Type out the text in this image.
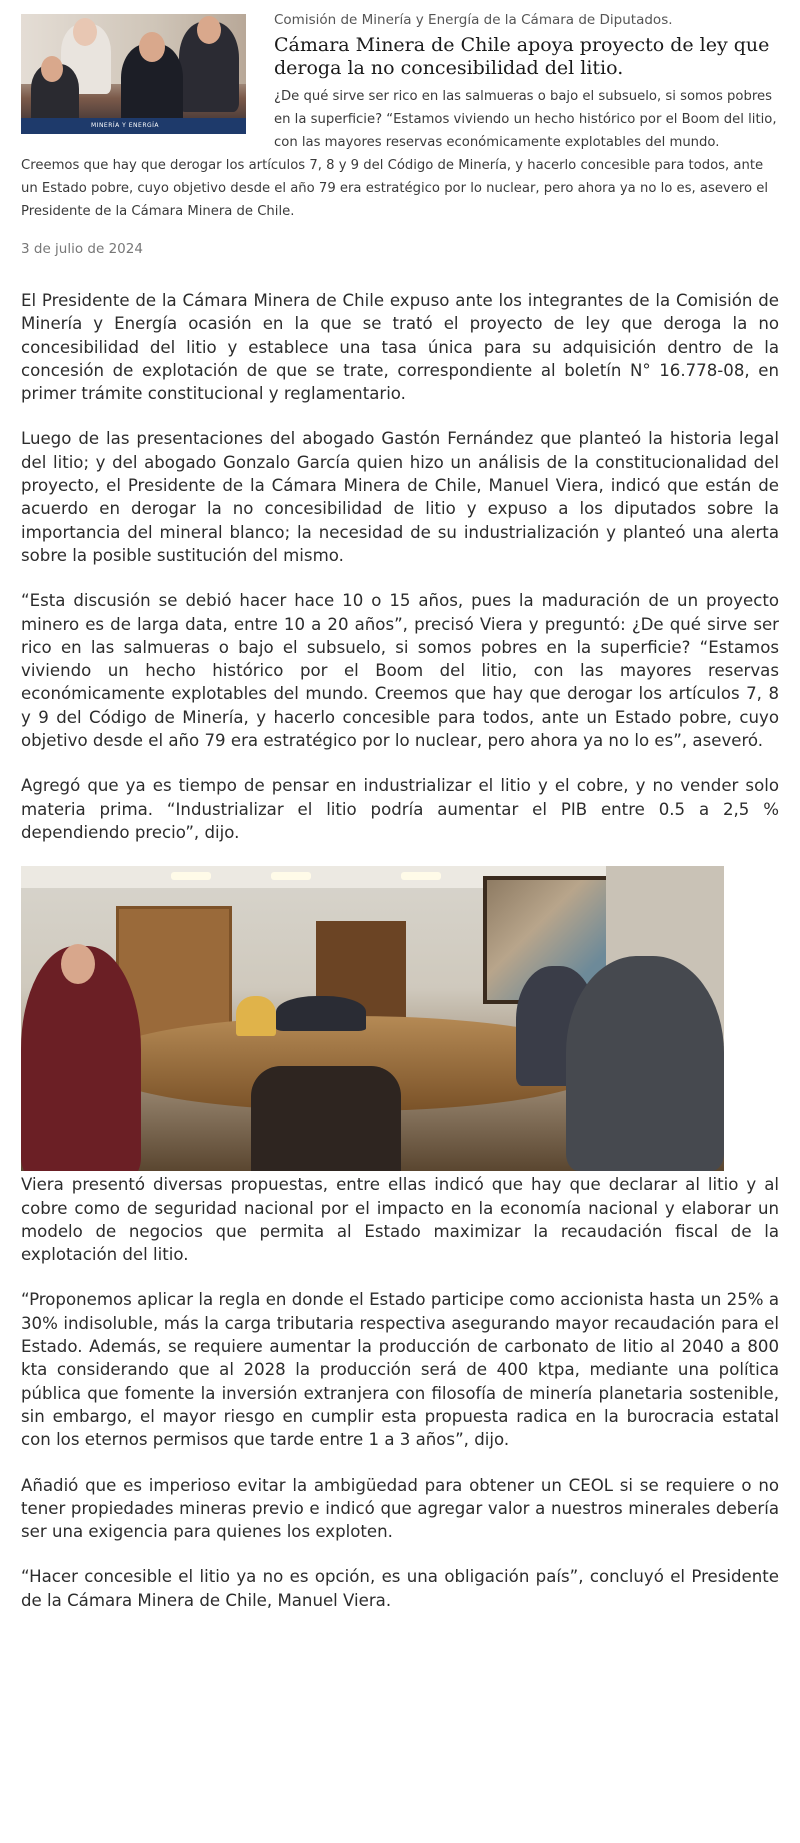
MINERÍA Y ENERGÍA

Comisión de Minería y Energía de la Cámara de Diputados.

Cámara Minera de Chile apoya proyecto de ley que deroga la no concesibilidad del litio.

¿De qué sirve ser rico en las salmueras o bajo el subsuelo, si somos pobres en la superficie? “Estamos viviendo un hecho histórico por el Boom del litio, con las mayores reservas económicamente explotables del mundo. Creemos que hay que derogar los artículos 7, 8 y 9 del Código de Minería, y hacerlo concesible para todos, ante un Estado pobre, cuyo objetivo desde el año 79 era estratégico por lo nuclear, pero ahora ya no lo es, asevero el Presidente de la Cámara Minera de Chile.

3 de julio de 2024

El Presidente de la Cámara Minera de Chile expuso ante los integrantes de la Comisión de Minería y Energía ocasión en la que se trató el proyecto de ley que deroga la no concesibilidad del litio y establece una tasa única para su adquisición dentro de la concesión de explotación de que se trate, correspondiente al boletín N° 16.778-08, en primer trámite constitucional y reglamentario.

Luego de las presentaciones del abogado Gastón Fernández que planteó la historia legal del litio; y del abogado Gonzalo García quien hizo un análisis de la constitucionalidad del proyecto, el Presidente de la Cámara Minera de Chile, Manuel Viera, indicó que están de acuerdo en derogar la no concesibilidad de litio y expuso a los diputados sobre la importancia del mineral blanco; la necesidad de su industrialización y planteó una alerta sobre la posible sustitución del mismo.

“Esta discusión se debió hacer hace 10 o 15 años, pues la maduración de un proyecto minero es de larga data, entre 10 a 20 años”, precisó Viera y preguntó: ¿De qué sirve ser rico en las salmueras o bajo el subsuelo, si somos pobres en la superficie? “Estamos viviendo un hecho histórico por el Boom del litio, con las mayores reservas económicamente explotables del mundo. Creemos que hay que derogar los artículos 7, 8 y 9 del Código de Minería, y hacerlo concesible para todos, ante un Estado pobre, cuyo objetivo desde el año 79 era estratégico por lo nuclear, pero ahora ya no lo es”, aseveró.

Agregó que ya es tiempo de pensar en industrializar el litio y el cobre, y no vender solo materia prima. “Industrializar el litio podría aumentar el PIB entre 0.5 a 2,5 % dependiendo precio”, dijo.

Viera presentó diversas propuestas, entre ellas indicó que hay que declarar al litio y al cobre como de seguridad nacional por el impacto en la economía nacional y elaborar un modelo de negocios que permita al Estado maximizar la recaudación fiscal de la explotación del litio.

“Proponemos aplicar la regla en donde el Estado participe como accionista hasta un 25% a 30% indisoluble, más la carga tributaria respectiva asegurando mayor recaudación para el Estado. Además, se requiere aumentar la producción de carbonato de litio al 2040 a 800 kta considerando que al 2028 la producción será de 400 ktpa, mediante una política pública que fomente la inversión extranjera con filosofía de minería planetaria sostenible, sin embargo, el mayor riesgo en cumplir esta propuesta radica en la burocracia estatal con los eternos permisos que tarde entre 1 a 3 años”, dijo.

Añadió que es imperioso evitar la ambigüedad para obtener un CEOL si se requiere o no tener propiedades mineras previo e indicó que agregar valor a nuestros minerales debería ser una exigencia para quienes los exploten.

“Hacer concesible el litio ya no es opción, es una obligación país”, concluyó el Presidente de la Cámara Minera de Chile, Manuel Viera.
